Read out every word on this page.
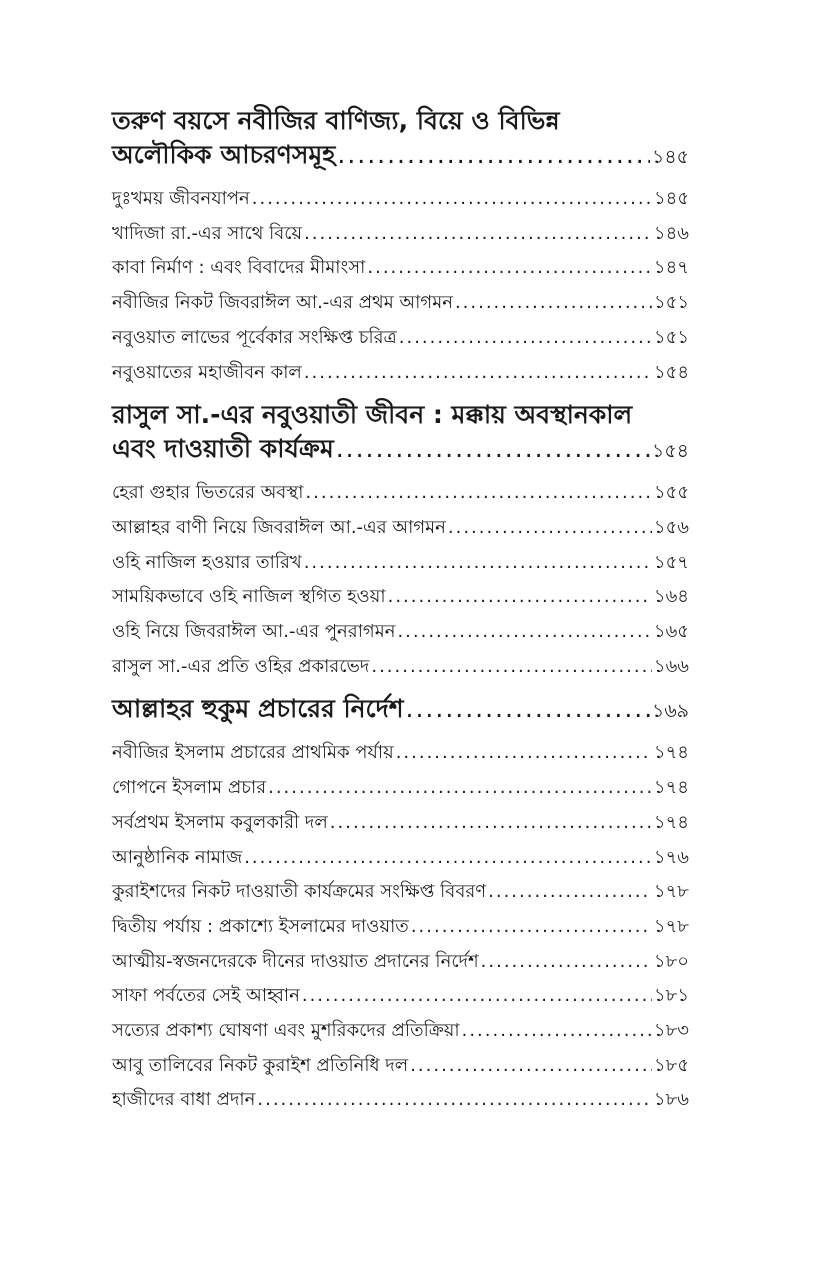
তরুণ বয়সে নবীজির বাণিজ্য, বিয়ে ও বিভিন্ন
অলৌকিক আচরণসমূহ .....	১৪৫
দুঃখময় জীবনযাপন .....	১৪৫
খাদিজা রা.-এর সাথে বিয়ে .....	১৪৬
কাবা নির্মাণ : এবং বিবাদের মীমাংসা .....	১৪৭
নবীজির নিকট জিবরাঈল আ.-এর প্রথম আগমন .....	১৫১
নবুওয়াত লাভের পূর্বেকার সংক্ষিপ্ত চরিত্র .....	১৫১
নবুওয়াতের মহাজীবন কাল .....	১৫৪
রাসুল সা.-এর নবুওয়াতী জীবন : মক্কায় অবস্থানকাল
এবং দাওয়াতী কার্যক্রম .....	১৫৪
হেরা গুহার ভিতরের অবস্থা .....	১৫৫
আল্লাহর বাণী নিয়ে জিবরাঈল আ.-এর আগমন .....	১৫৬
ওহি নাজিল হওয়ার তারিখ .....	১৫৭
সাময়িকভাবে ওহি নাজিল স্থগিত হওয়া .....	১৬৪
ওহি নিয়ে জিবরাঈল আ.-এর পুনরাগমন .....	১৬৫
রাসুল সা.-এর প্রতি ওহির প্রকারভেদ .....	১৬৬
আল্লাহর হুকুম প্রচারের নির্দেশ .....	১৬৯
নবীজির ইসলাম প্রচারের প্রাথমিক পর্যায় .....	১৭৪
গোপনে ইসলাম প্রচার .....	১৭৪
সর্বপ্রথম ইসলাম কবুলকারী দল .....	১৭৪
আনুষ্ঠানিক নামাজ .....	১৭৬
কুরাইশদের নিকট দাওয়াতী কার্যক্রমের সংক্ষিপ্ত বিবরণ .....	১৭৮
দ্বিতীয় পর্যায় : প্রকাশ্যে ইসলামের দাওয়াত .....	১৭৮
আত্মীয়-স্বজনদেরকে দীনের দাওয়াত প্রদানের নির্দেশ .....	১৮০
সাফা পর্বতের সেই আহ্বান .....	১৮১
সত্যের প্রকাশ্য ঘোষণা এবং মুশরিকদের প্রতিক্রিয়া .....	১৮৩
আবু তালিবের নিকট কুরাইশ প্রতিনিধি দল .....	১৮৫
হাজীদের বাধা প্রদান .....	১৮৬
